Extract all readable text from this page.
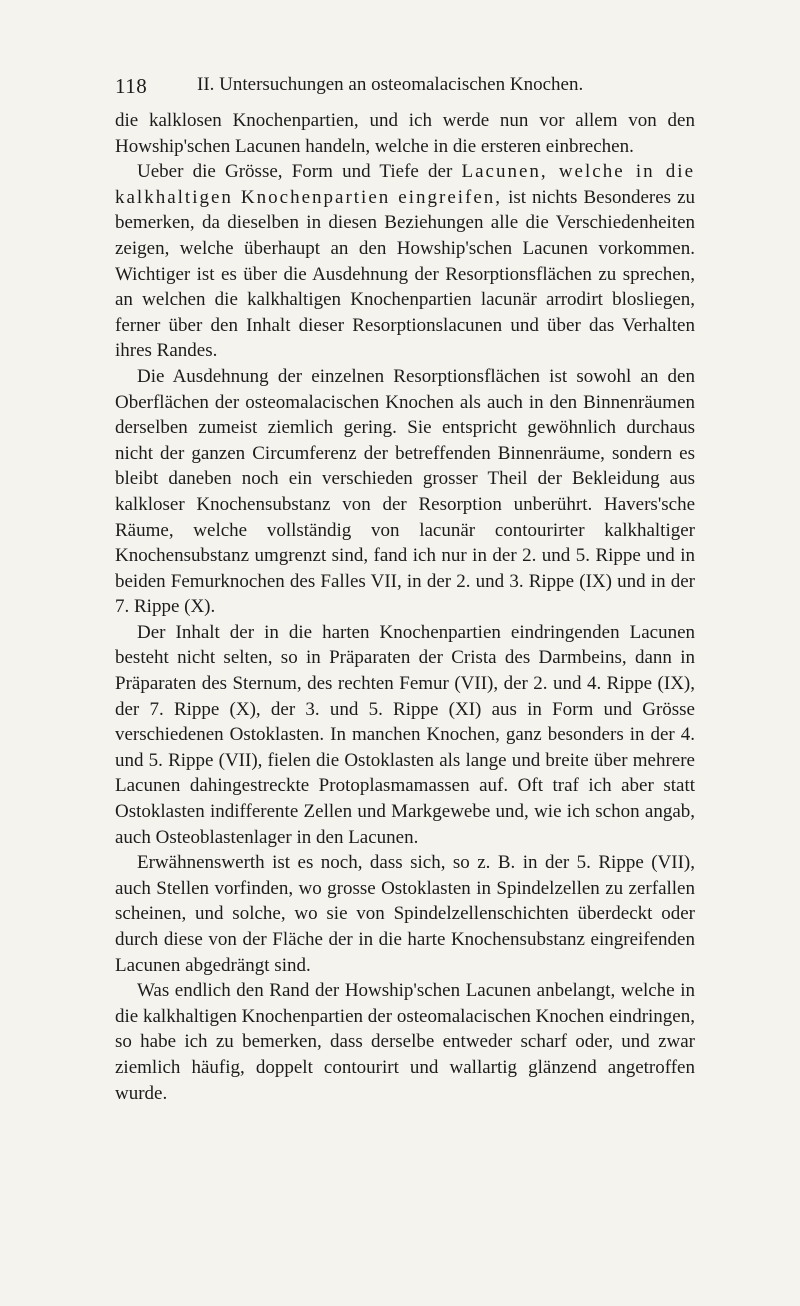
118	II. Untersuchungen an osteomalacischen Knochen.

die kalklosen Knochenpartien, und ich werde nun vor allem von den Howship'schen Lacunen handeln, welche in die ersteren einbrechen.

Ueber die Grösse, Form und Tiefe der Lacunen, welche in die kalkhaltigen Knochenpartien eingreifen, ist nichts Besonderes zu bemerken, da dieselben in diesen Beziehungen alle die Verschiedenheiten zeigen, welche überhaupt an den Howship'schen Lacunen vorkommen. Wichtiger ist es über die Ausdehnung der Resorptionsflächen zu sprechen, an welchen die kalkhaltigen Knochenpartien lacunär arrodirt blosliegen, ferner über den Inhalt dieser Resorptionslacunen und über das Verhalten ihres Randes.

Die Ausdehnung der einzelnen Resorptionsflächen ist sowohl an den Oberflächen der osteomalacischen Knochen als auch in den Binnenräumen derselben zumeist ziemlich gering. Sie entspricht gewöhnlich durchaus nicht der ganzen Circumferenz der betreffenden Binnenräume, sondern es bleibt daneben noch ein verschieden grosser Theil der Bekleidung aus kalkloser Knochensubstanz von der Resorption unberührt. Havers'sche Räume, welche vollständig von lacunär contourirter kalkhaltiger Knochensubstanz umgrenzt sind, fand ich nur in der 2. und 5. Rippe und in beiden Femurknochen des Falles VII, in der 2. und 3. Rippe (IX) und in der 7. Rippe (X).

Der Inhalt der in die harten Knochenpartien eindringenden Lacunen besteht nicht selten, so in Präparaten der Crista des Darmbeins, dann in Präparaten des Sternum, des rechten Femur (VII), der 2. und 4. Rippe (IX), der 7. Rippe (X), der 3. und 5. Rippe (XI) aus in Form und Grösse verschiedenen Ostoklasten. In manchen Knochen, ganz besonders in der 4. und 5. Rippe (VII), fielen die Ostoklasten als lange und breite über mehrere Lacunen dahingestreckte Protoplasmamassen auf. Oft traf ich aber statt Ostoklasten indifferente Zellen und Markgewebe und, wie ich schon angab, auch Osteoblastenlager in den Lacunen.

Erwähnenswerth ist es noch, dass sich, so z. B. in der 5. Rippe (VII), auch Stellen vorfinden, wo grosse Ostoklasten in Spindelzellen zu zerfallen scheinen, und solche, wo sie von Spindelzellenschichten überdeckt oder durch diese von der Fläche der in die harte Knochensubstanz eingreifenden Lacunen abgedrängt sind.

Was endlich den Rand der Howship'schen Lacunen anbelangt, welche in die kalkhaltigen Knochenpartien der osteomalacischen Knochen eindringen, so habe ich zu bemerken, dass derselbe entweder scharf oder, und zwar ziemlich häufig, doppelt contourirt und wallartig glänzend angetroffen wurde.
